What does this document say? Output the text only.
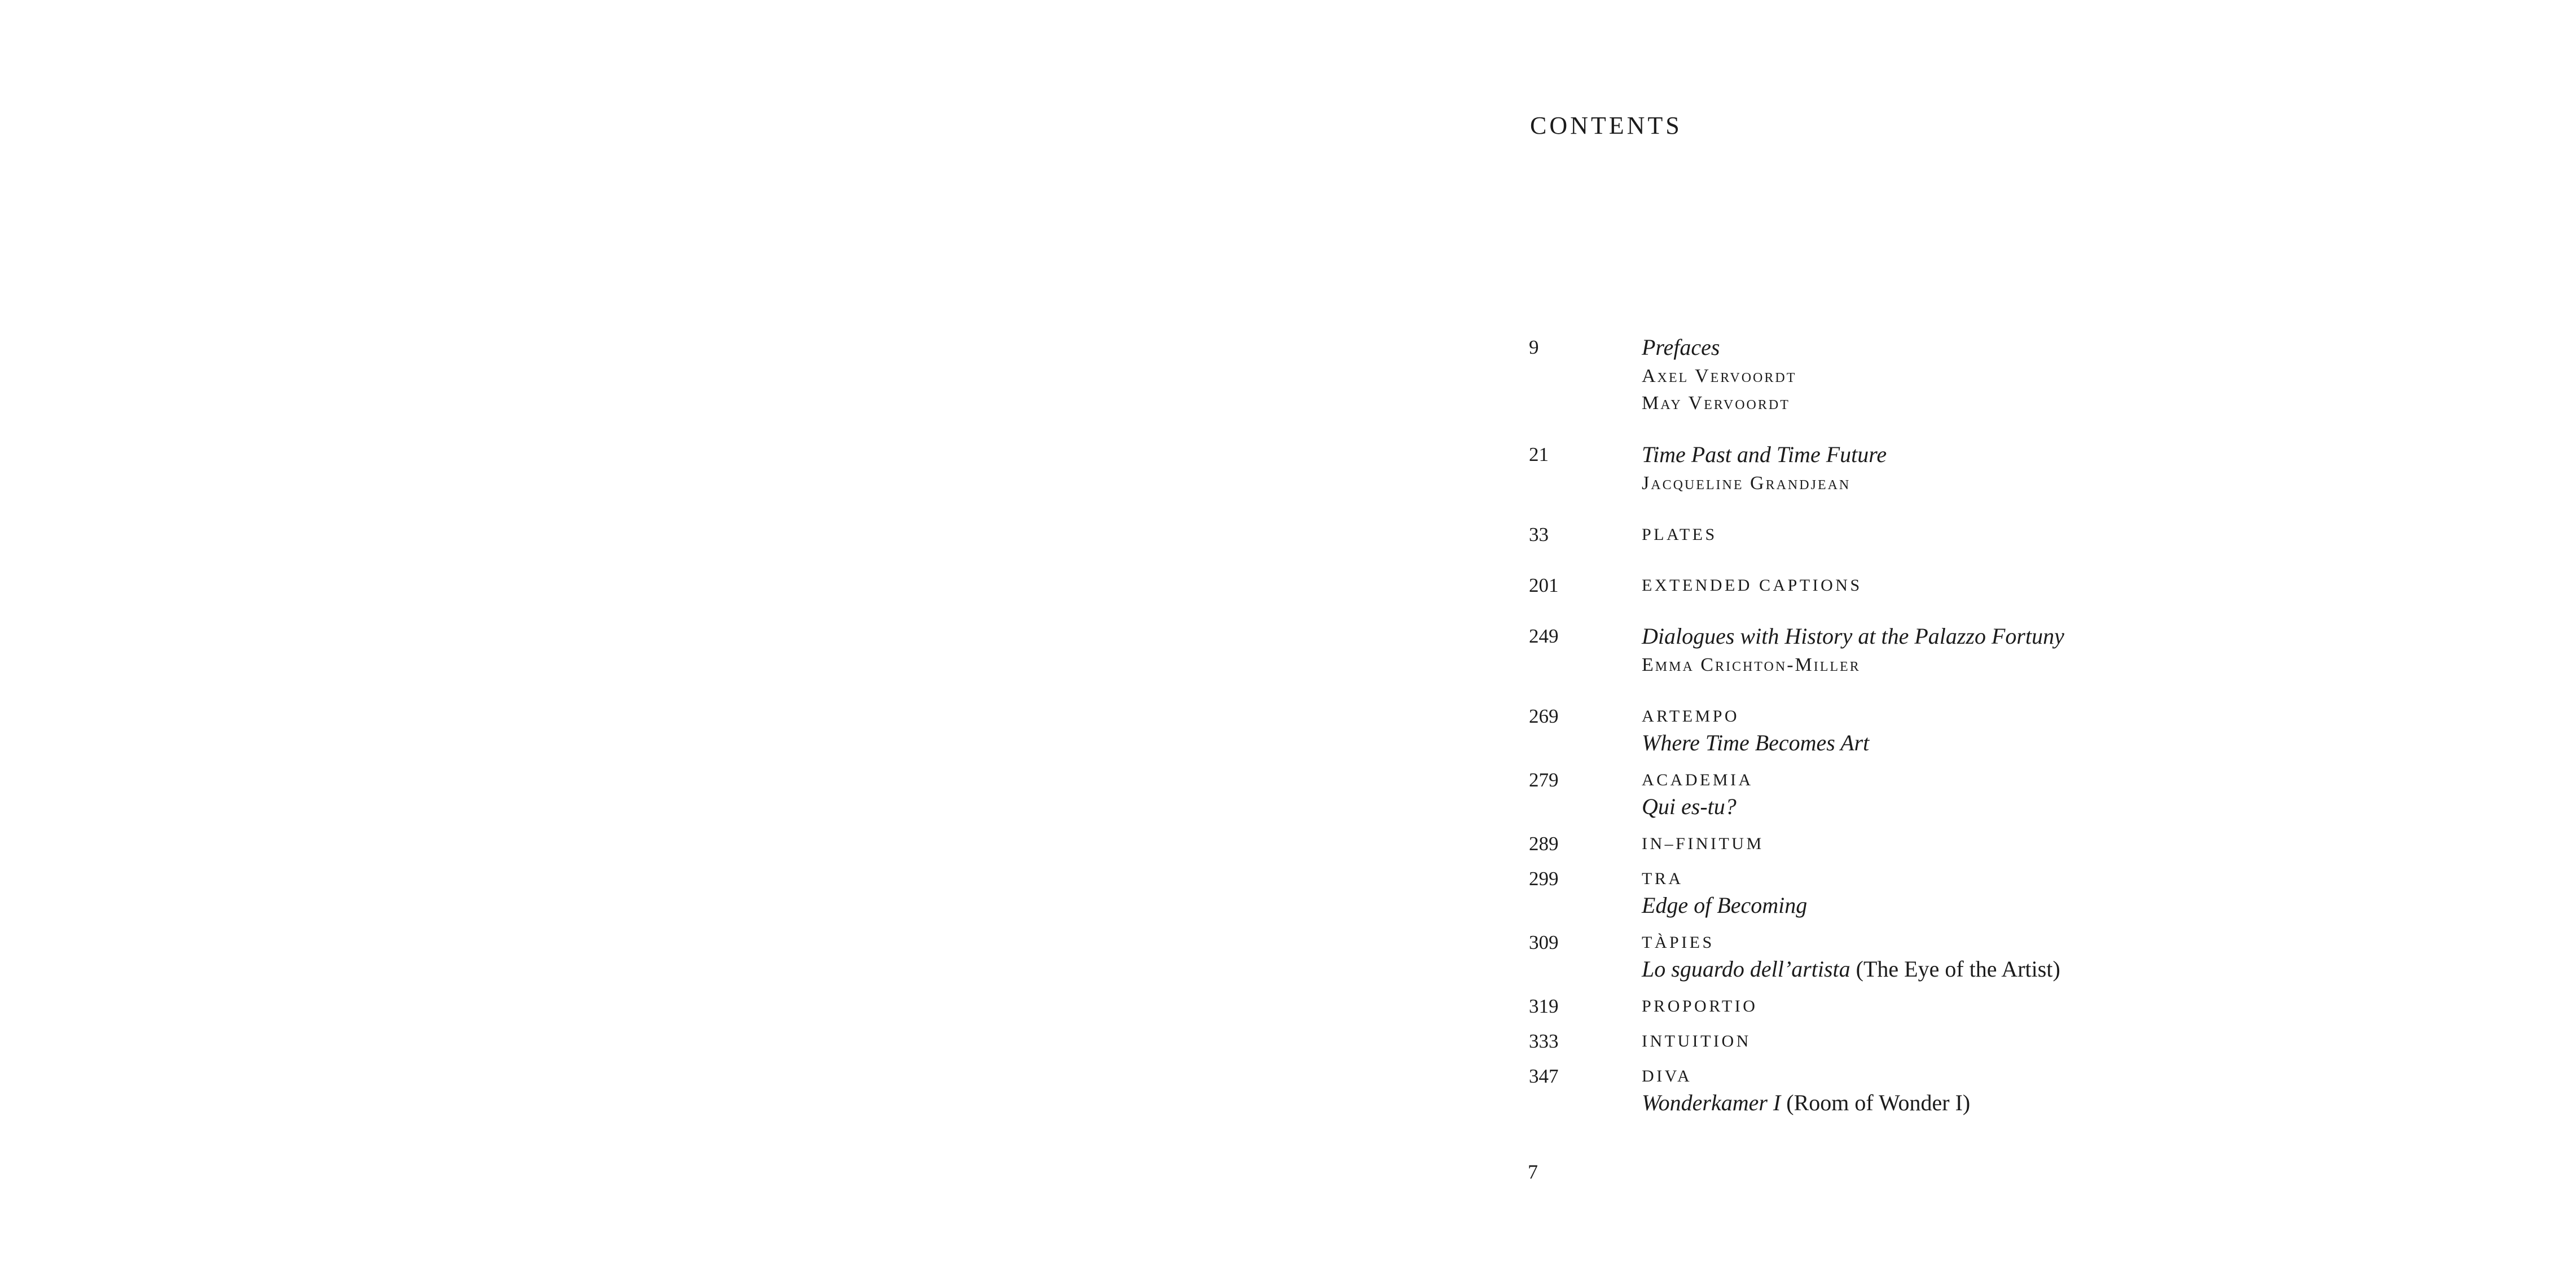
CONTENTS
9	Prefaces
Axel Vervoordt
May Vervoordt
21	Time Past and Time Future
Jacqueline Grandjean
33	PLATES
201	EXTENDED CAPTIONS
249	Dialogues with History at the Palazzo Fortuny
Emma Crichton-Miller
269	ARTEMPO
Where Time Becomes Art
279	ACADEMIA
Qui es-tu?
289	IN–FINITUM
299	TRA
Edge of Becoming
309	TÀPIES
Lo sguardo dell’artista (The Eye of the Artist)
319	PROPORTIO
333	INTUITION
347	DIVA
Wonderkamer I (Room of Wonder I)
7
